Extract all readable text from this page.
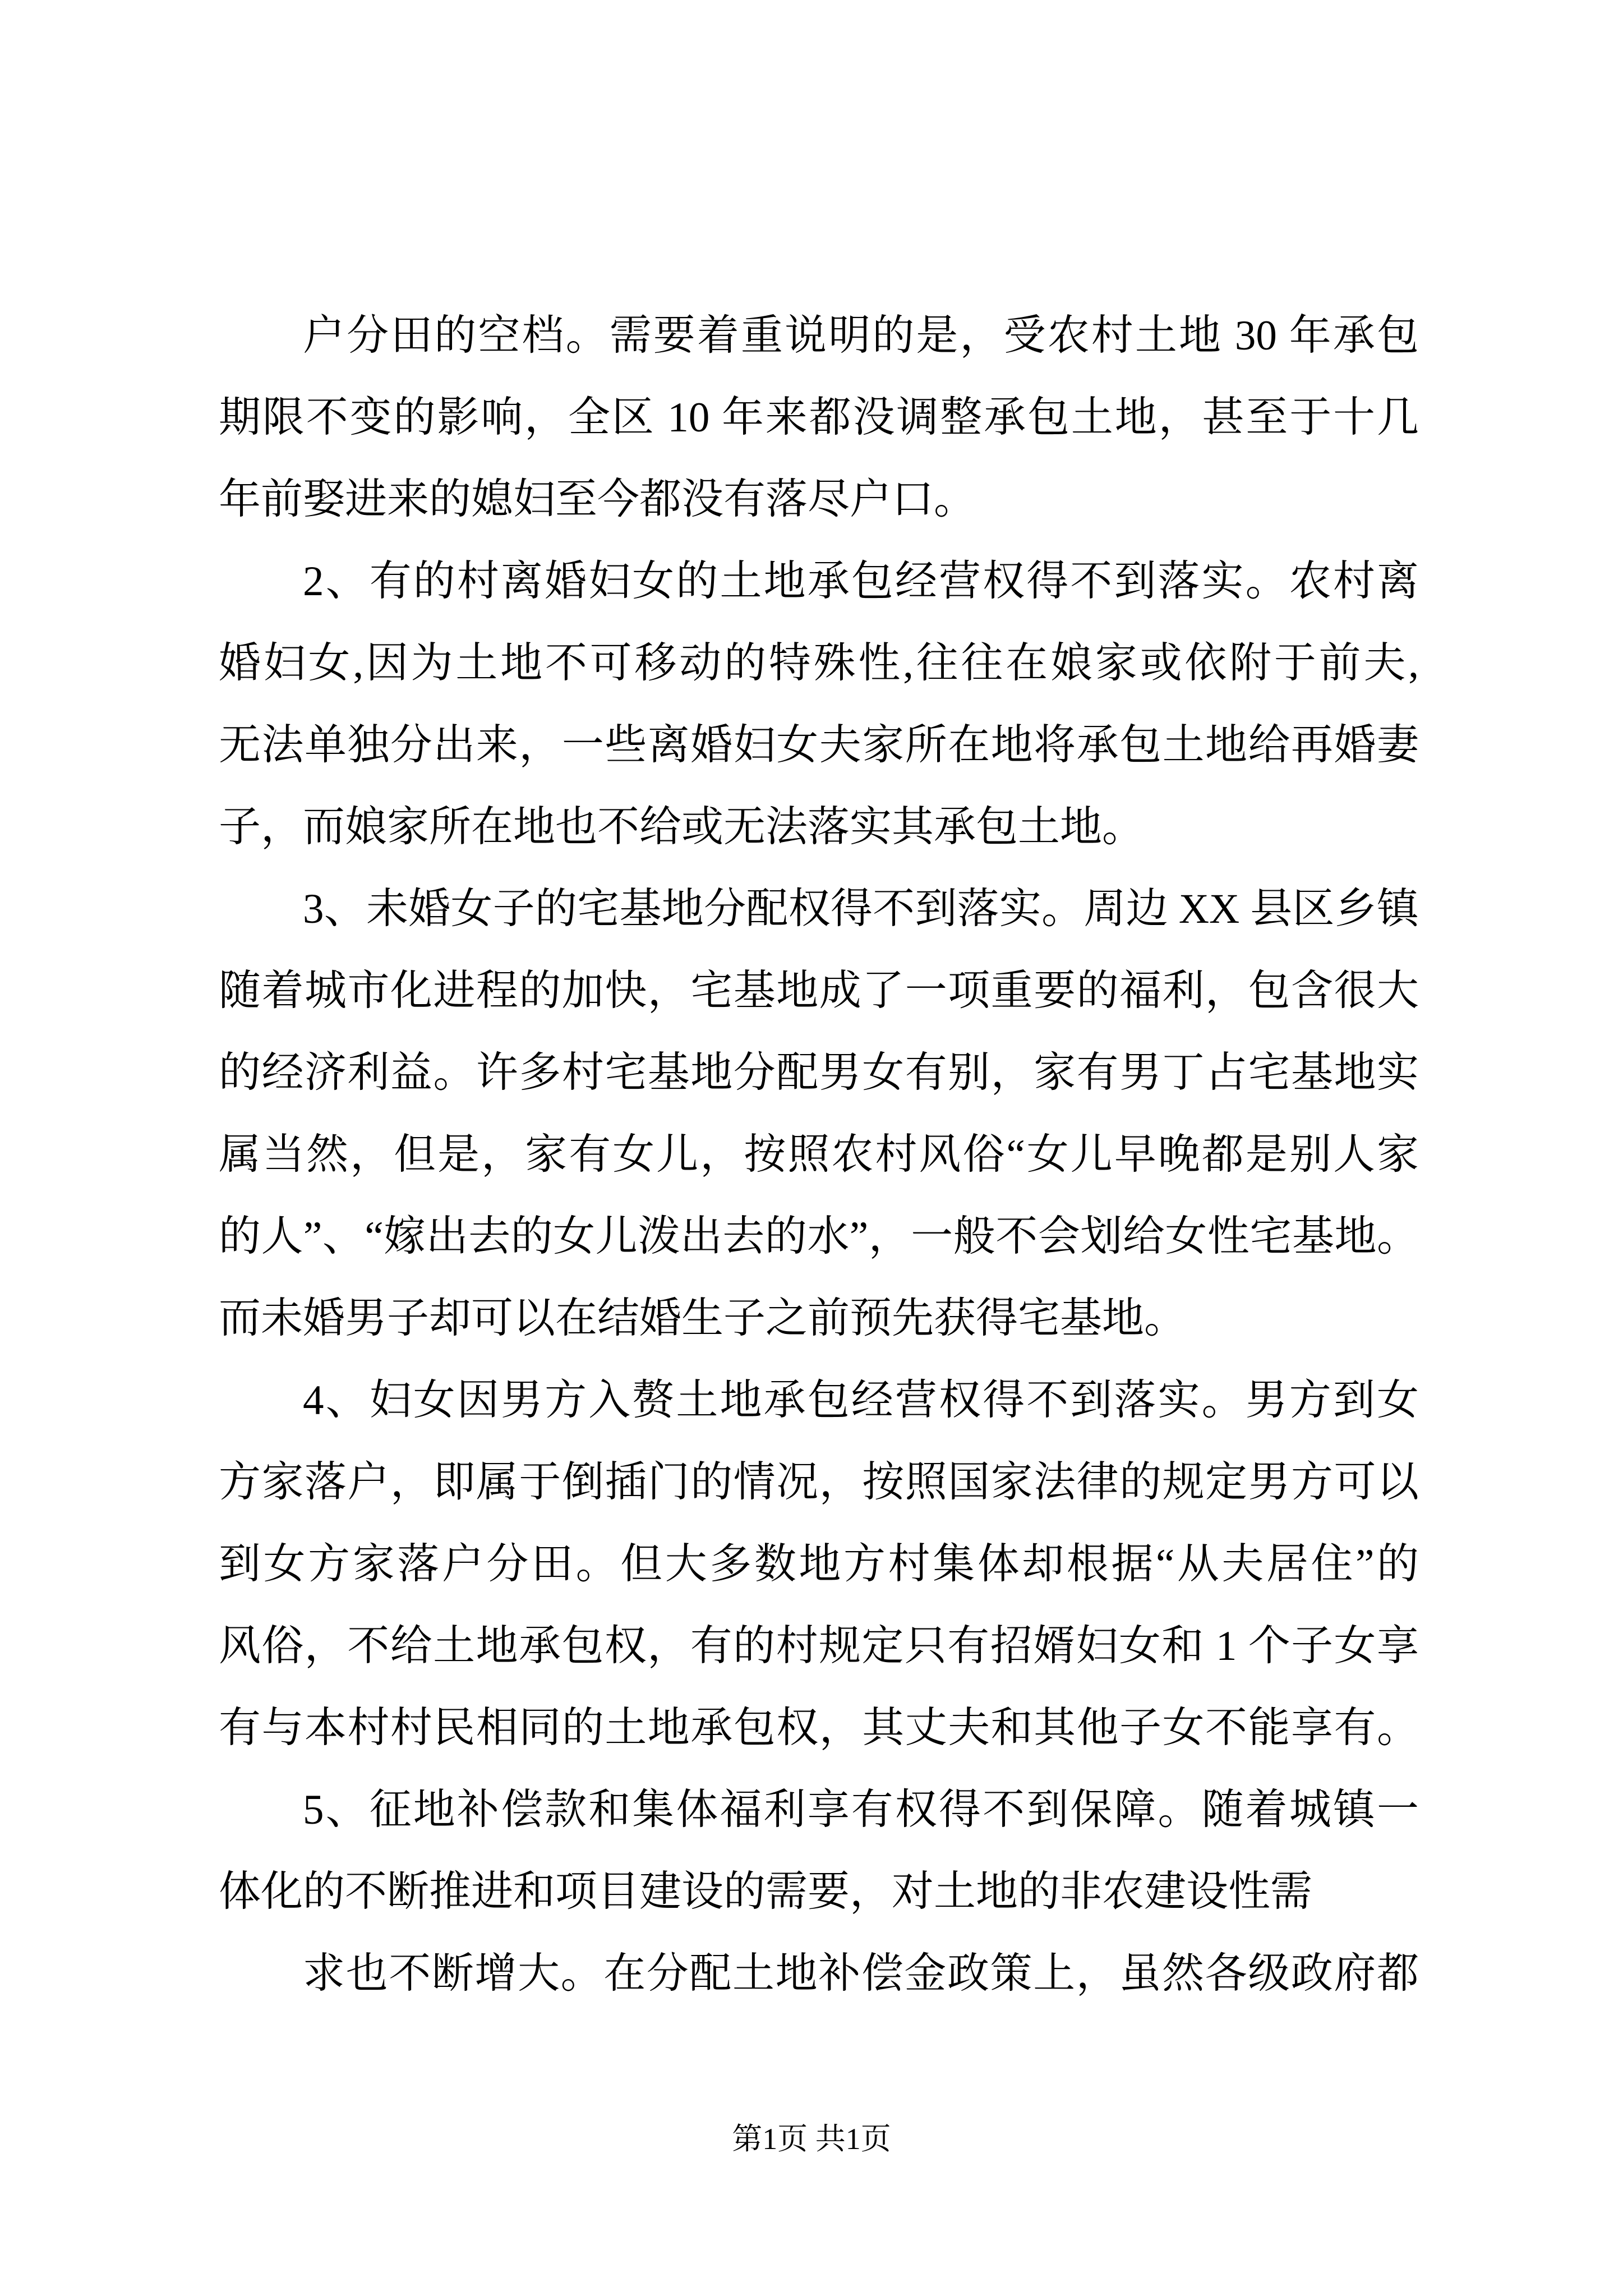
户分田的空档。需要着重说明的是，受农村土地 30 年承包
期限不变的影响，全区 10 年来都没调整承包土地，甚至于十几
年前娶进来的媳妇至今都没有落尽户口。
2、有的村离婚妇女的土地承包经营权得不到落实。农村离
婚妇女,因为土地不可移动的特殊性,往往在娘家或依附于前夫,
无法单独分出来，一些离婚妇女夫家所在地将承包土地给再婚妻
子，而娘家所在地也不给或无法落实其承包土地。
3、未婚女子的宅基地分配权得不到落实。周边 XX 县区乡镇
随着城市化进程的加快，宅基地成了一项重要的福利，包含很大
的经济利益。许多村宅基地分配男女有别，家有男丁占宅基地实
属当然，但是，家有女儿，按照农村风俗“女儿早晚都是别人家
的人”、“嫁出去的女儿泼出去的水”，一般不会划给女性宅基地。
而未婚男子却可以在结婚生子之前预先获得宅基地。
4、妇女因男方入赘土地承包经营权得不到落实。男方到女
方家落户，即属于倒插门的情况，按照国家法律的规定男方可以
到女方家落户分田。但大多数地方村集体却根据“从夫居住”的
风俗，不给土地承包权，有的村规定只有招婿妇女和 1 个子女享
有与本村村民相同的土地承包权，其丈夫和其他子女不能享有。
5、征地补偿款和集体福利享有权得不到保障。随着城镇一
体化的不断推进和项目建设的需要，对土地的非农建设性需
求也不断增大。在分配土地补偿金政策上，虽然各级政府都
第1页 共1页
